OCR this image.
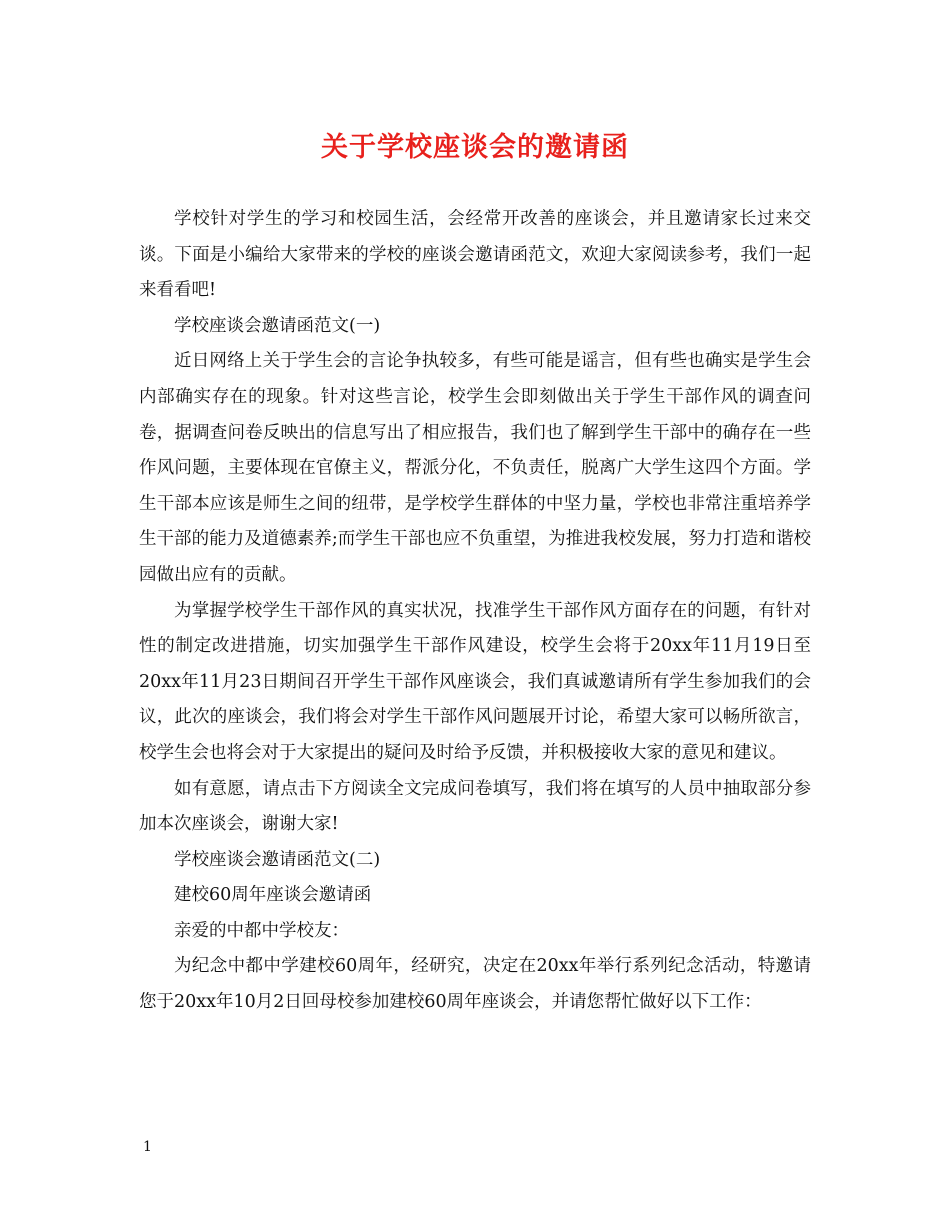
关于学校座谈会的邀请函

学校针对学生的学习和校园生活，会经常开改善的座谈会，并且邀请家长过来交谈。下面是小编给大家带来的学校的座谈会邀请函范文，欢迎大家阅读参考，我们一起来看看吧!

学校座谈会邀请函范文(一)

近日网络上关于学生会的言论争执较多，有些可能是谣言，但有些也确实是学生会内部确实存在的现象。针对这些言论，校学生会即刻做出关于学生干部作风的调查问卷，据调查问卷反映出的信息写出了相应报告，我们也了解到学生干部中的确存在一些作风问题，主要体现在官僚主义，帮派分化，不负责任，脱离广大学生这四个方面。学生干部本应该是师生之间的纽带，是学校学生群体的中坚力量，学校也非常注重培养学生干部的能力及道德素养;而学生干部也应不负重望，为推进我校发展，努力打造和谐校园做出应有的贡献。

为掌握学校学生干部作风的真实状况，找准学生干部作风方面存在的问题，有针对性的制定改进措施，切实加强学生干部作风建设，校学生会将于20xx年11月19日至20xx年11月23日期间召开学生干部作风座谈会，我们真诚邀请所有学生参加我们的会议，此次的座谈会，我们将会对学生干部作风问题展开讨论，希望大家可以畅所欲言，校学生会也将会对于大家提出的疑问及时给予反馈，并积极接收大家的意见和建议。

如有意愿，请点击下方阅读全文完成问卷填写，我们将在填写的人员中抽取部分参加本次座谈会，谢谢大家!

学校座谈会邀请函范文(二)

建校60周年座谈会邀请函

亲爱的中都中学校友：

为纪念中都中学建校60周年，经研究，决定在20xx年举行系列纪念活动，特邀请您于20xx年10月2日回母校参加建校60周年座谈会，并请您帮忙做好以下工作：

1
